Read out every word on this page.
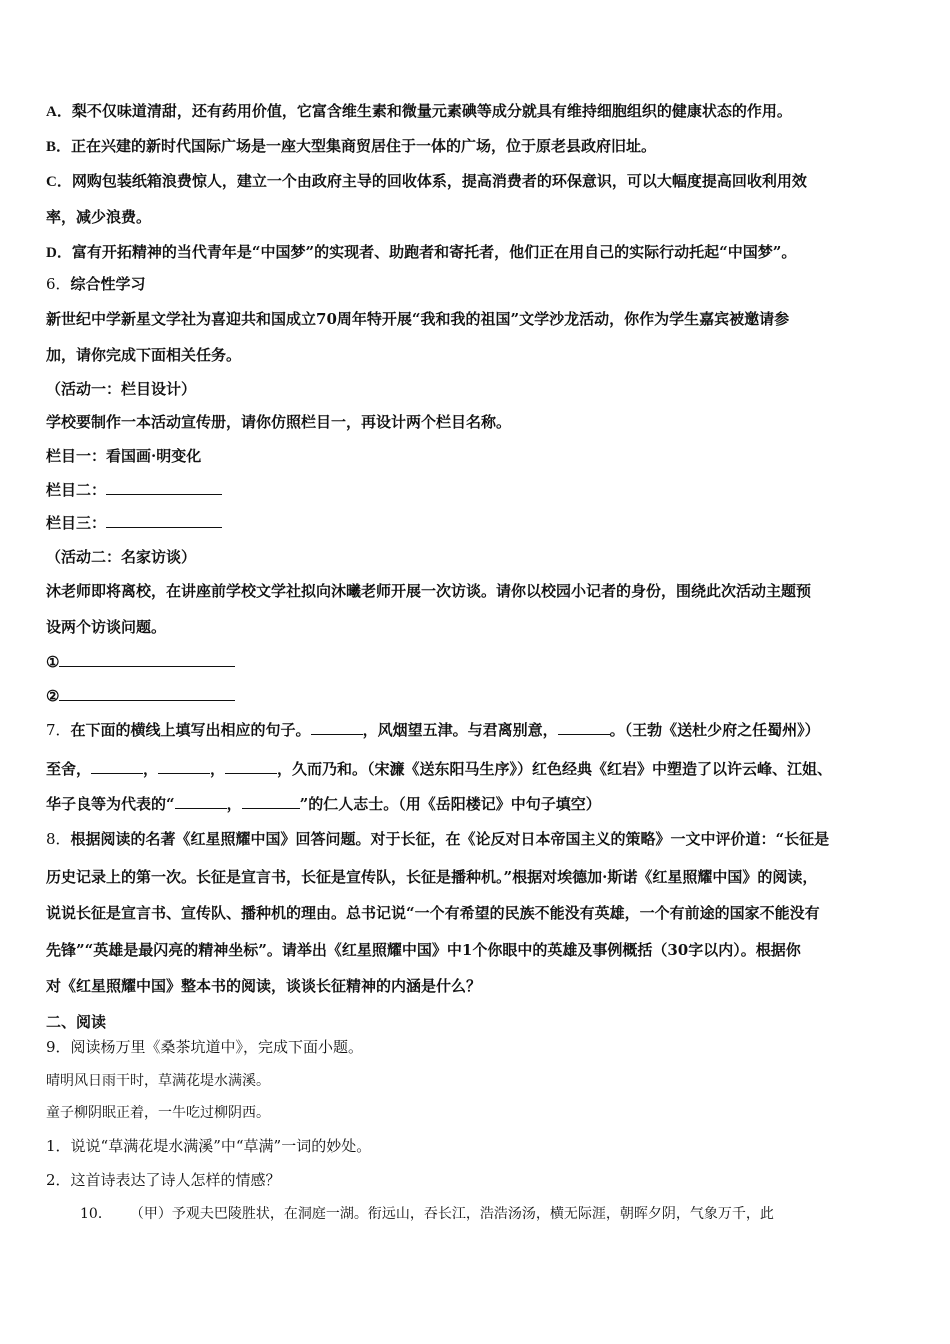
A．梨不仅味道清甜，还有药用价值，它富含维生素和微量元素碘等成分就具有维持细胞组织的健康状态的作用。
B．正在兴建的新时代国际广场是一座大型集商贸居住于一体的广场，位于原老县政府旧址。
C．网购包装纸箱浪费惊人，建立一个由政府主导的回收体系，提高消费者的环保意识，可以大幅度提高回收利用效
率，减少浪费。
D．富有开拓精神的当代青年是“中国梦”的实现者、助跑者和寄托者，他们正在用自己的实际行动托起“中国梦”。
6．综合性学习
新世纪中学新星文学社为喜迎共和国成立70周年特开展“我和我的祖国”文学沙龙活动，你作为学生嘉宾被邀请参
加，请你完成下面相关任务。
（活动一：栏目设计）
学校要制作一本活动宣传册，请你仿照栏目一，再设计两个栏目名称。
栏目一：看国画·明变化
栏目二：
栏目三：
（活动二：名家访谈）
沐老师即将离校，在讲座前学校文学社拟向沐曦老师开展一次访谈。请你以校园小记者的身份，围绕此次活动主题预
设两个访谈问题。
①
②
7．在下面的横线上填写出相应的句子。	，风烟望五津。与君离别意，	。（王勃《送杜少府之任蜀州》）
至舍，	，	，	，久而乃和。（宋濂《送东阳马生序》）红色经典《红岩》中塑造了以许云峰、江姐、
华子良等为代表的“	，	”的仁人志士。（用《岳阳楼记》中句子填空）
8．根据阅读的名著《红星照耀中国》回答问题。对于长征，在《论反对日本帝国主义的策略》一文中评价道：“长征是
历史记录上的第一次。长征是宣言书，长征是宣传队，长征是播种机。”根据对埃德加·斯诺《红星照耀中国》的阅读，
说说长征是宣言书、宣传队、播种机的理由。总书记说“一个有希望的民族不能没有英雄，一个有前途的国家不能没有
先锋”“英雄是最闪亮的精神坐标”。请举出《红星照耀中国》中1个你眼中的英雄及事例概括（30字以内）。根据你
对《红星照耀中国》整本书的阅读，谈谈长征精神的内涵是什么？
二、阅读
9．阅读杨万里《桑茶坑道中》，完成下面小题。
晴明风日雨干时，草满花堤水满溪。
童子柳阴眠正着，一牛吃过柳阴西。
1．说说“草满花堤水满溪”中“草满”一词的妙处。
2．这首诗表达了诗人怎样的情感？
10． （甲）予观夫巴陵胜状，在洞庭一湖。衔远山，吞长江，浩浩汤汤，横无际涯，朝晖夕阴，气象万千，此
